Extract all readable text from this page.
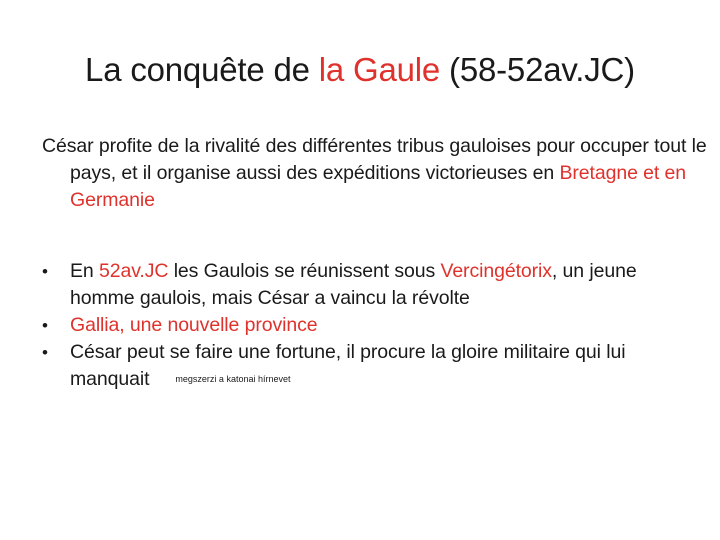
La conquête de la Gaule (58-52av.JC)
César profite de la rivalité des différentes tribus gauloises pour occuper tout le pays, et il organise aussi des expéditions victorieuses en Bretagne et en Germanie
•	En 52av.JC les Gaulois se réunissent sous Vercingétorix, un jeune homme gaulois, mais César a vaincu la révolte
•	Gallia, une nouvelle province
•	César peut se faire une fortune, il procure la gloire militaire qui lui manquait	megszerzi a katonai hírnevet
